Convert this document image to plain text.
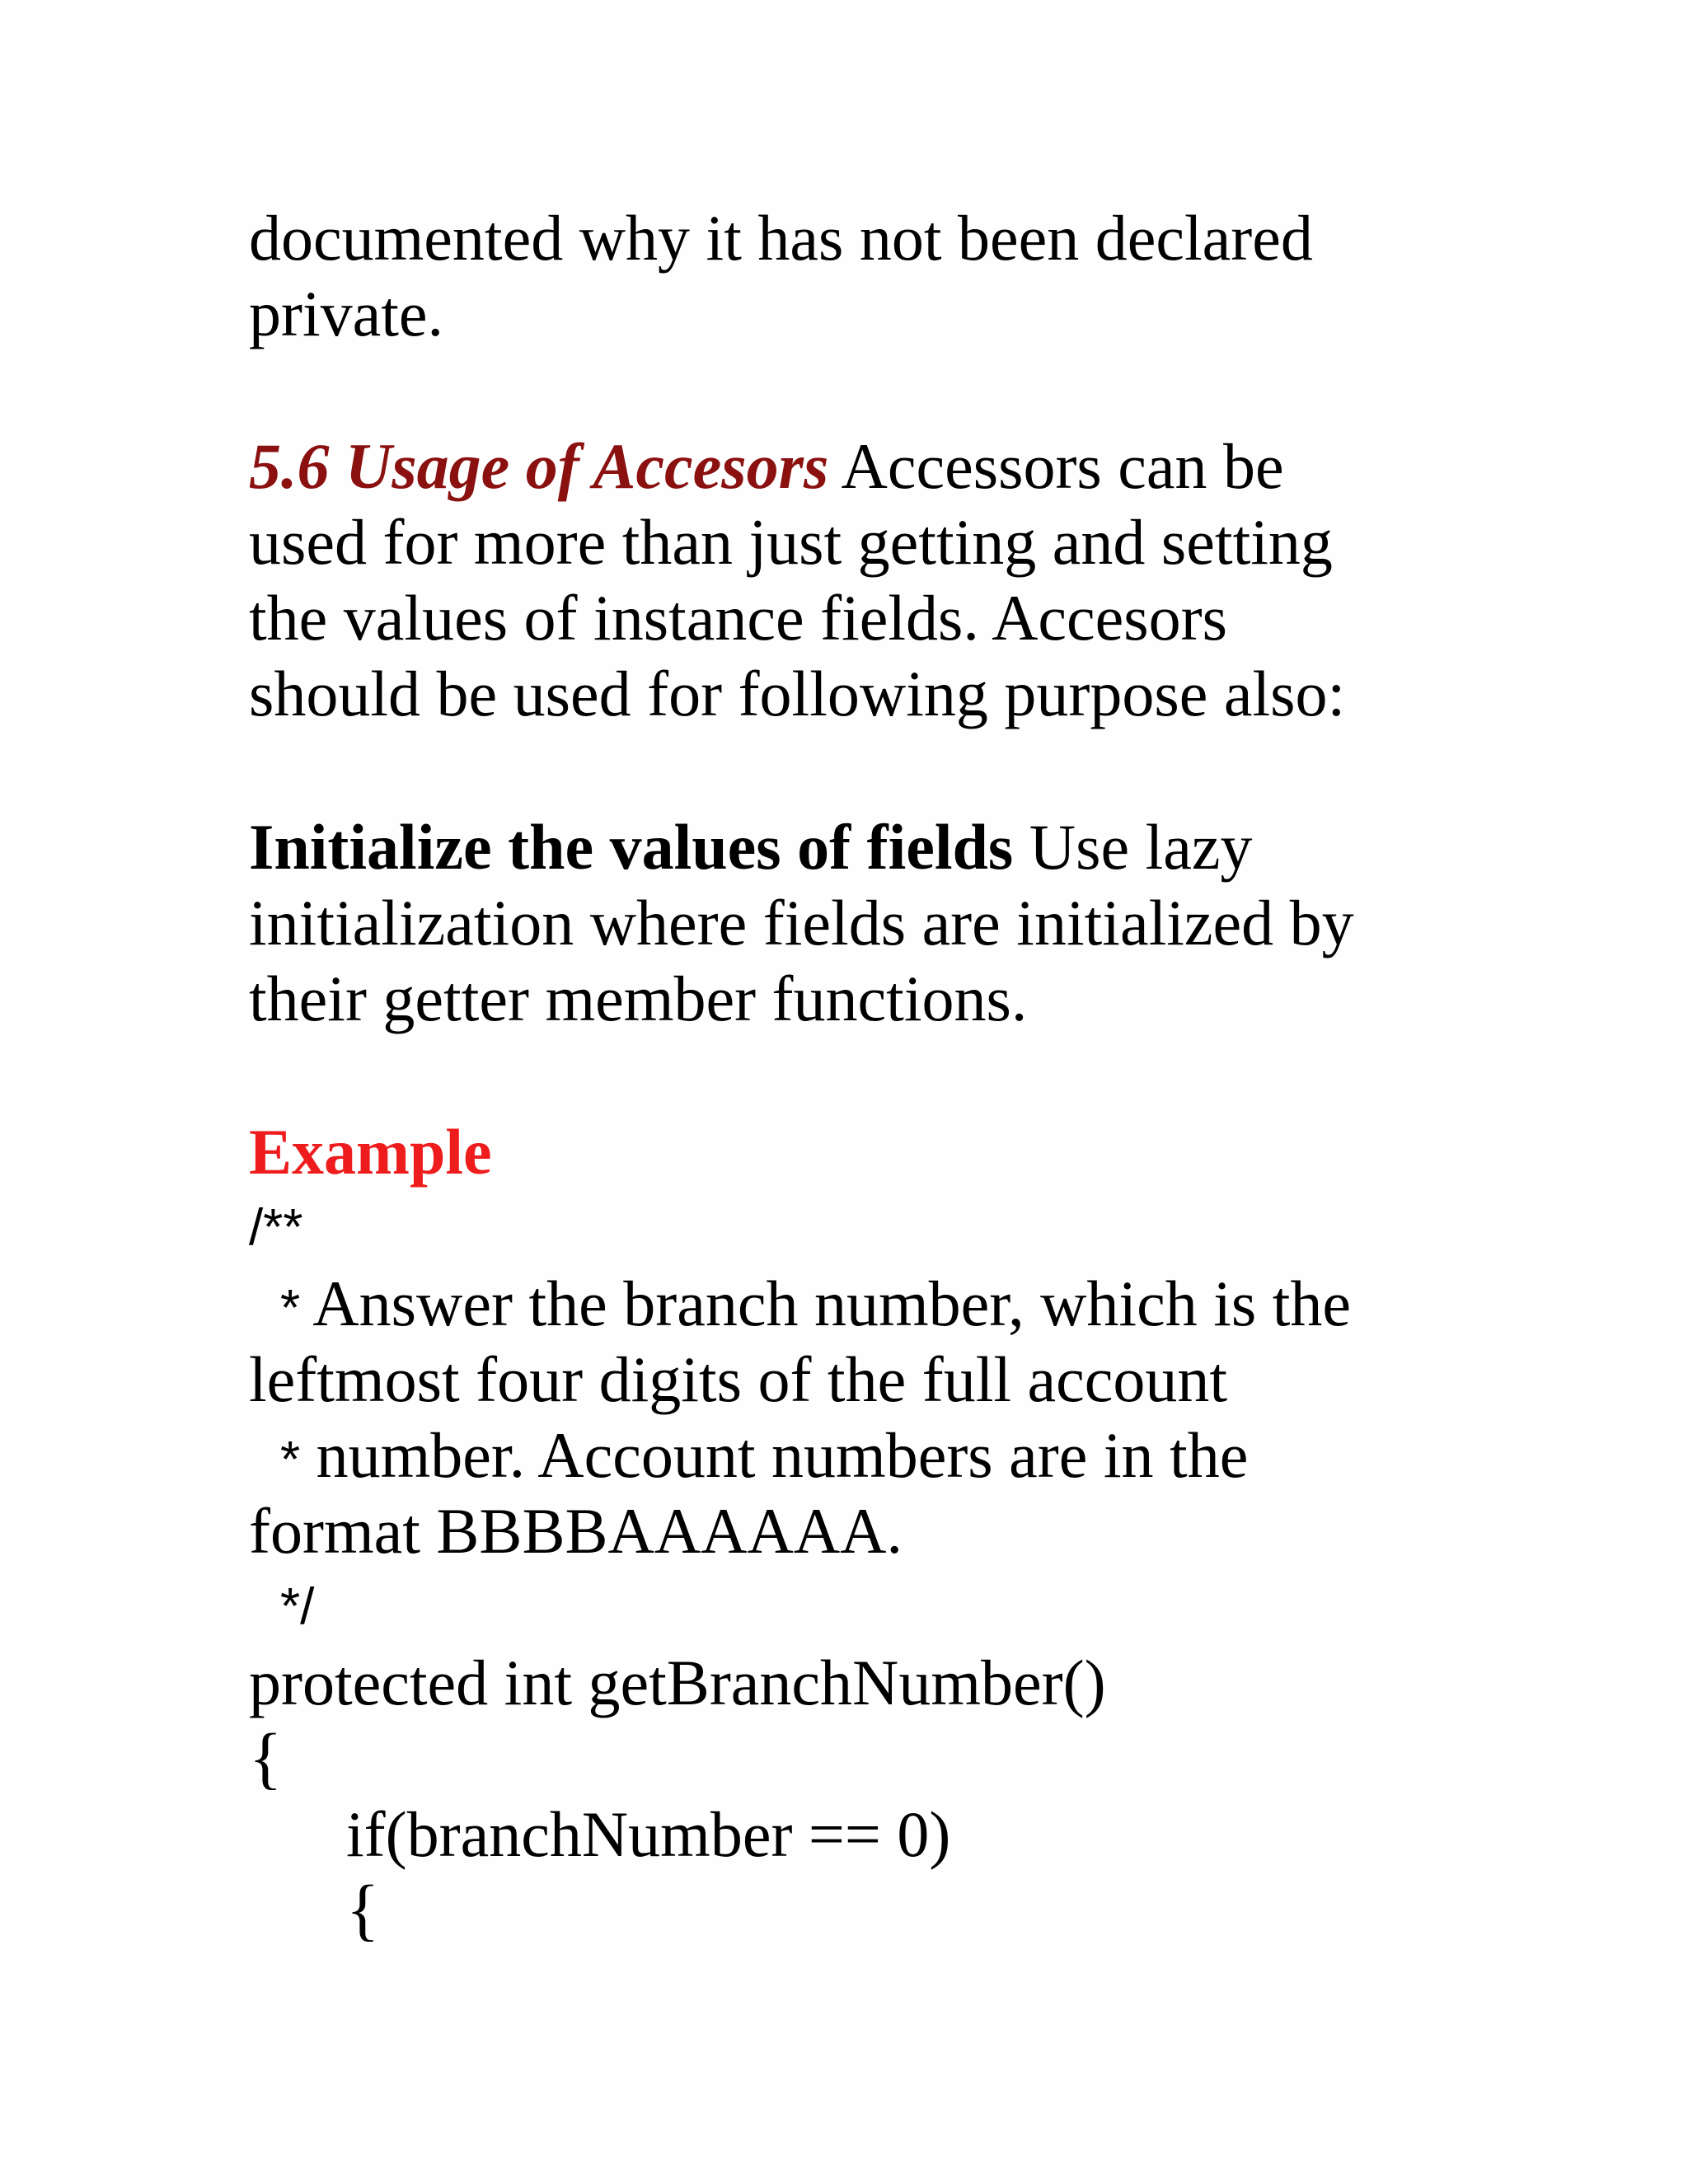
documented why it has not been declared
private.
5.6 Usage of Accesors Accessors can be
used for more than just getting and setting
the values of instance fields. Accesors
should be used for following purpose also:
Initialize the values of fields Use lazy
initialization where fields are initialized by
their getter member functions.
Example
/**
* Answer the branch number, which is the
leftmost four digits of the full account
* number. Account numbers are in the
format BBBBAAAAAA.
*/
protected int getBranchNumber()
{
if(branchNumber == 0)
{
